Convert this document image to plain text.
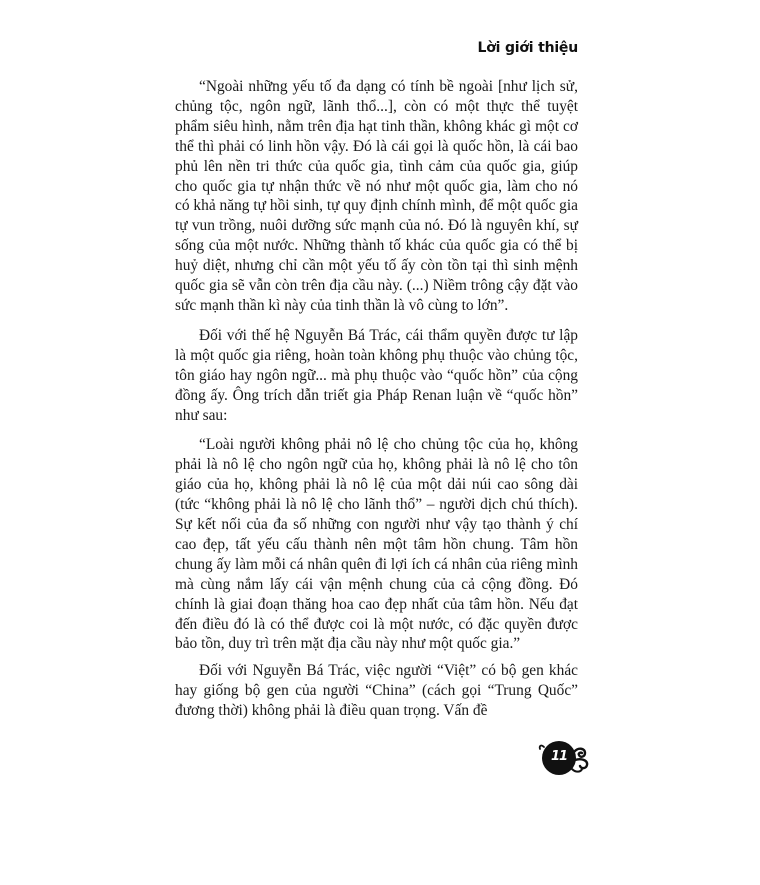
Lời giới thiệu

“Ngoài những yếu tố đa dạng có tính bề ngoài [như lịch sử, chủng tộc, ngôn ngữ, lãnh thổ...], còn có một thực thể tuyệt phẩm siêu hình, nằm trên địa hạt tinh thần, không khác gì một cơ thể thì phải có linh hồn vậy. Đó là cái gọi là quốc hồn, là cái bao phủ lên nền tri thức của quốc gia, tình cảm của quốc gia, giúp cho quốc gia tự nhận thức về nó như một quốc gia, làm cho nó có khả năng tự hồi sinh, tự quy định chính mình, để một quốc gia tự vun trồng, nuôi dưỡng sức mạnh của nó. Đó là nguyên khí, sự sống của một nước. Những thành tố khác của quốc gia có thể bị huỷ diệt, nhưng chỉ cần một yếu tố ấy còn tồn tại thì sinh mệnh quốc gia sẽ vẫn còn trên địa cầu này. (...) Niềm trông cậy đặt vào sức mạnh thần kì này của tinh thần là vô cùng to lớn”.

Đối với thế hệ Nguyễn Bá Trác, cái thẩm quyền được tư lập là một quốc gia riêng, hoàn toàn không phụ thuộc vào chủng tộc, tôn giáo hay ngôn ngữ... mà phụ thuộc vào “quốc hồn” của cộng đồng ấy. Ông trích dẫn triết gia Pháp Renan luận về “quốc hồn” như sau:

“Loài người không phải nô lệ cho chủng tộc của họ, không phải là nô lệ cho ngôn ngữ của họ, không phải là nô lệ cho tôn giáo của họ, không phải là nô lệ của một dải núi cao sông dài (tức “không phải là nô lệ cho lãnh thổ” – người dịch chú thích). Sự kết nối của đa số những con người như vậy tạo thành ý chí cao đẹp, tất yếu cấu thành nên một tâm hồn chung. Tâm hồn chung ấy làm mỗi cá nhân quên đi lợi ích cá nhân của riêng mình mà cùng nắm lấy cái vận mệnh chung của cả cộng đồng. Đó chính là giai đoạn thăng hoa cao đẹp nhất của tâm hồn. Nếu đạt đến điều đó là có thể được coi là một nước, có đặc quyền được bảo tồn, duy trì trên mặt địa cầu này như một quốc gia.”

Đối với Nguyễn Bá Trác, việc người “Việt” có bộ gen khác hay giống bộ gen của người “China” (cách gọi “Trung Quốc” đương thời) không phải là điều quan trọng. Vấn đề

11
